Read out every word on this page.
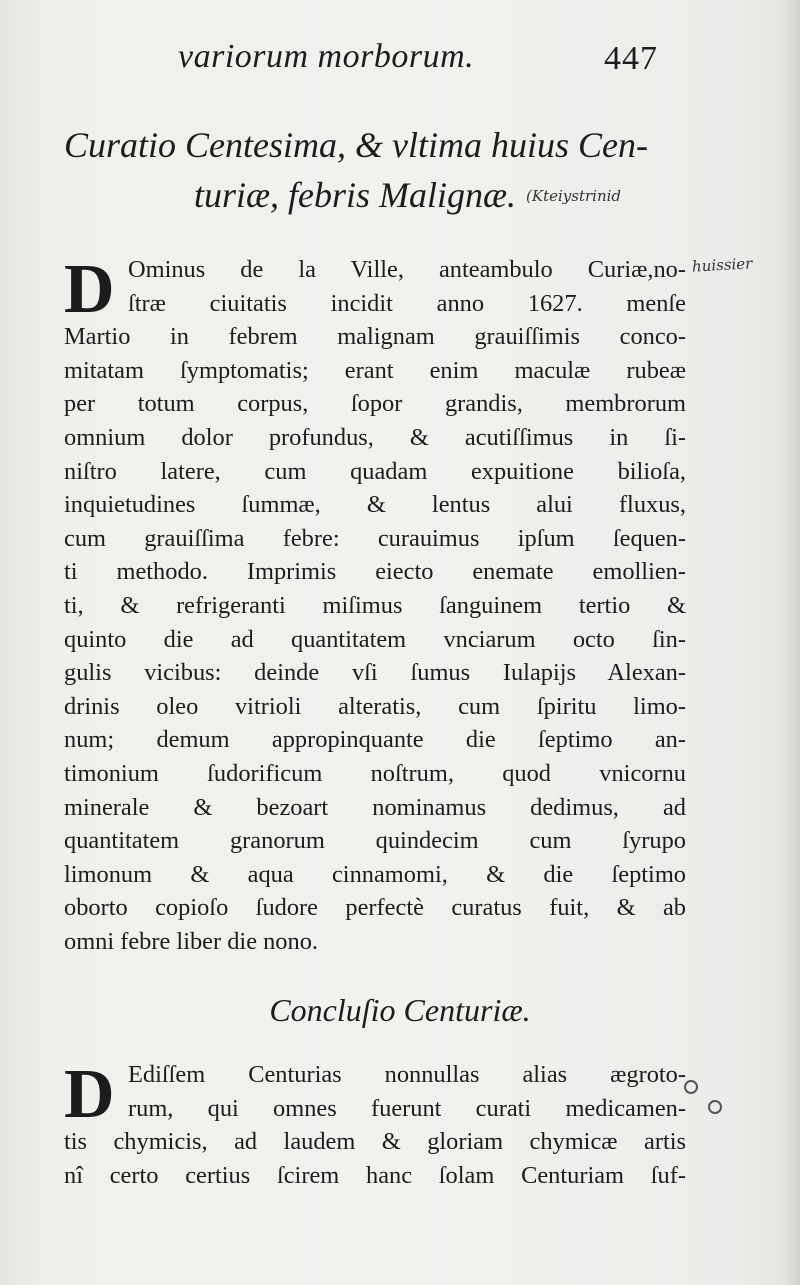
variorum morborum.	447
Curatio Centesima, & vltima huius Cen-
turiæ, febris Malignæ. (Kteiystrinid
huissier
D Ominus de la Ville, anteambulo Curiæ,no-
ſtræ ciuitatis incidit anno 1627. menſe
Martio in febrem malignam grauiſſimis conco-
mitatam ſymptomatis; erant enim maculæ rubeæ
per totum corpus, ſopor grandis, membrorum
omnium dolor profundus, & acutiſſimus in ſi-
niſtro latere, cum quadam expuitione bilioſa,
inquietudines ſummæ, & lentus alui fluxus,
cum grauiſſima febre: curauimus ipſum ſequen-
ti methodo. Imprimis eiecto enemate emollien-
ti, & refrigeranti miſimus ſanguinem tertio &
quinto die ad quantitatem vnciarum octo ſin-
gulis vicibus: deinde vſi ſumus Iulapijs Alexan-
drinis oleo vitrioli alteratis, cum ſpiritu limo-
num; demum appropinquante die ſeptimo an-
timonium ſudorificum noſtrum, quod vnicornu
minerale & bezoart nominamus dedimus, ad
quantitatem granorum quindecim cum ſyrupo
limonum & aqua cinnamomi, & die ſeptimo
oborto copioſo ſudore perfectè curatus fuit, & ab
omni febre liber die nono.
Concluſio Centuriæ.
D Ediſſem Centurias nonnullas alias ægroto-
rum, qui omnes fuerunt curati medicamen-
tis chymicis, ad laudem & gloriam chymicæ artis
nî certo certius ſcirem hanc ſolam Centuriam ſuf-
